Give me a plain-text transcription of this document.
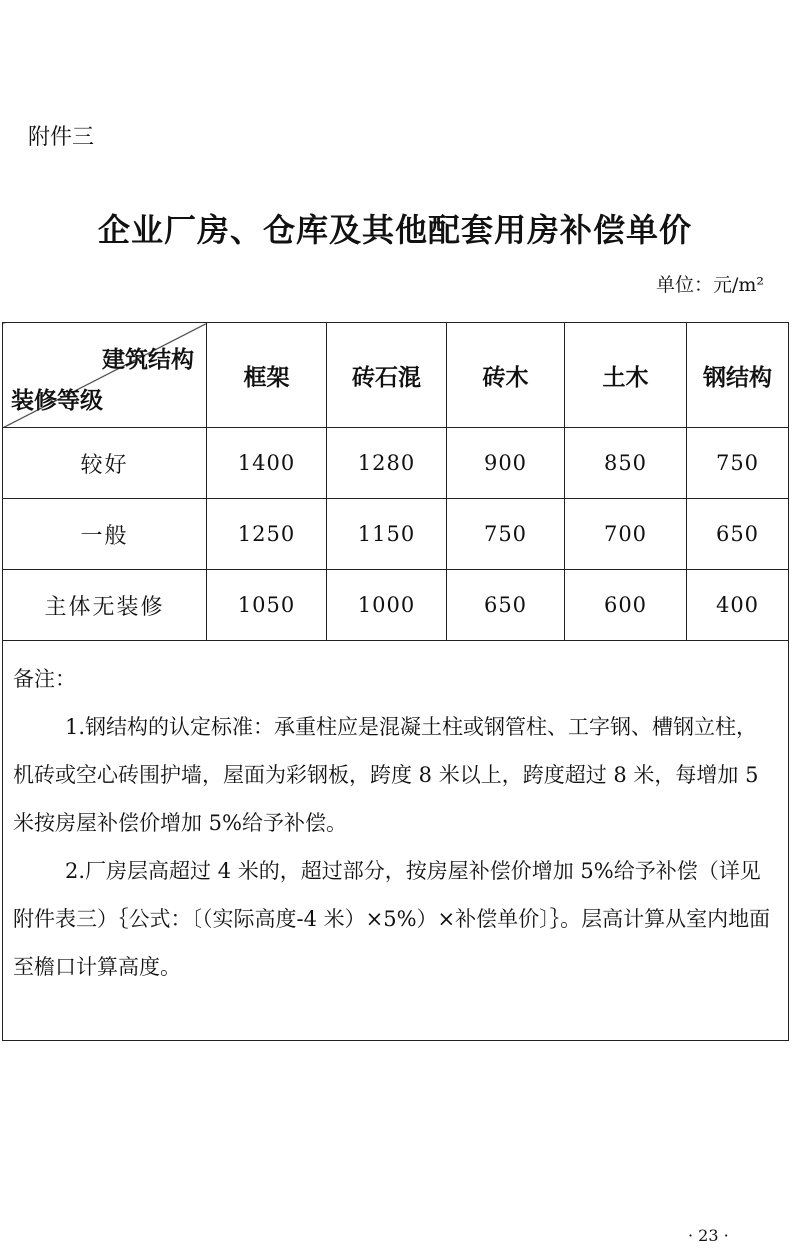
附件三
企业厂房、仓库及其他配套用房补偿单价
单位：元/m²
建筑结构
装修等级	框架	砖石混	砖木	土木	钢结构
较好	1400	1280	900	850	750
一般	1250	1150	750	700	650
主体无装修	1050	1000	650	600	400

备注：

1.钢结构的认定标准：承重柱应是混凝土柱或钢管柱、工字钢、槽钢立柱，机砖或空心砖围护墙，屋面为彩钢板，跨度 8 米以上，跨度超过 8 米，每增加 5 米按房屋补偿价增加 5%给予补偿。

2.厂房层高超过 4 米的，超过部分，按房屋补偿价增加 5%给予补偿（详见附件表三）｛公式：〔（实际高度-4 米）×5%）×补偿单价〕｝。层高计算从室内地面至檐口计算高度。					

· 23 ·
